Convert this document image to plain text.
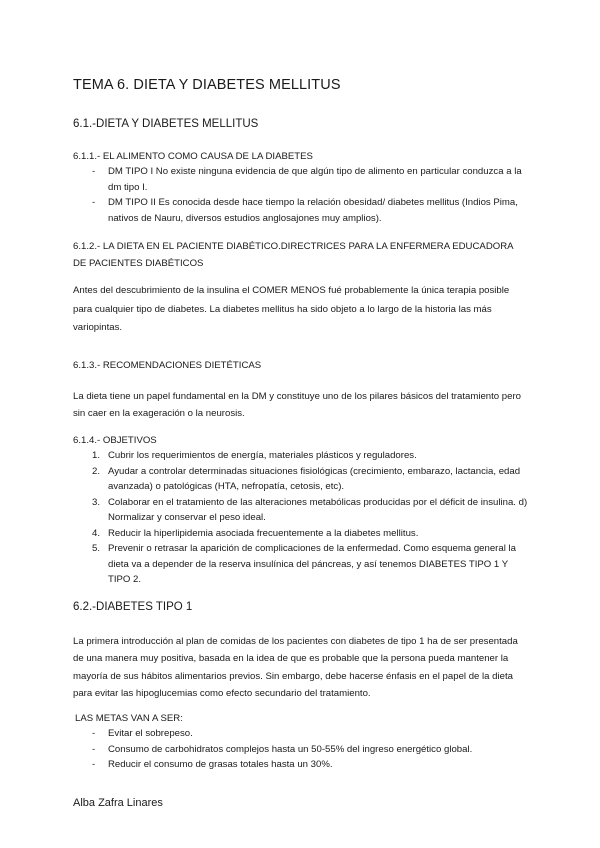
TEMA 6. DIETA Y DIABETES MELLITUS
6.1.-DIETA Y DIABETES MELLITUS
6.1.1.- EL ALIMENTO COMO CAUSA DE LA DIABETES
- DM TIPO I No existe ninguna evidencia de que algún tipo de alimento en particular conduzca a la dm tipo I.
- DM TIPO II Es conocida desde hace tiempo la relación obesidad/ diabetes mellitus (Indios Pima, nativos de Nauru, diversos estudios anglosajones muy amplios).
6.1.2.- LA DIETA EN EL PACIENTE DIABÉTICO.DIRECTRICES PARA LA ENFERMERA EDUCADORA DE PACIENTES DIABÉTICOS

Antes del descubrimiento de la insulina el COMER MENOS fué probablemente la única terapia posible para cualquier tipo de diabetes. La diabetes mellitus ha sido objeto a lo largo de la historia las más variopintas.

6.1.3.- RECOMENDACIONES DIETÉTICAS

La dieta tiene un papel fundamental en la DM y constituye uno de los pilares básicos del tratamiento pero sin caer en la exageración o la neurosis.

6.1.4.- OBJETIVOS
1. Cubrir los requerimientos de energía, materiales plásticos y reguladores.
2. Ayudar a controlar determinadas situaciones fisiológicas (crecimiento, embarazo, lactancia, edad avanzada) o patológicas (HTA, nefropatía, cetosis, etc).
3. Colaborar en el tratamiento de las alteraciones metabólicas producidas por el déficit de insulina. d) Normalizar y conservar el peso ideal.
4. Reducir la hiperlipidemia asociada frecuentemente a la diabetes mellitus.
5. Prevenir o retrasar la aparición de complicaciones de la enfermedad. Como esquema general la dieta va a depender de la reserva insulínica del páncreas, y así tenemos DIABETES TIPO 1 Y TIPO 2.
6.2.-DIABETES TIPO 1

La primera introducción al plan de comidas de los pacientes con diabetes de tipo 1 ha de ser presentada de una manera muy positiva, basada en la idea de que es probable que la persona pueda mantener la mayoría de sus hábitos alimentarios previos. Sin embargo, debe hacerse énfasis en el papel de la dieta para evitar las hipoglucemias como efecto secundario del tratamiento.

LAS METAS VAN A SER:
- Evitar el sobrepeso.
- Consumo de carbohidratos complejos hasta un 50-55% del ingreso energético global.
- Reducir el consumo de grasas totales hasta un 30%.
Alba Zafra Linares
